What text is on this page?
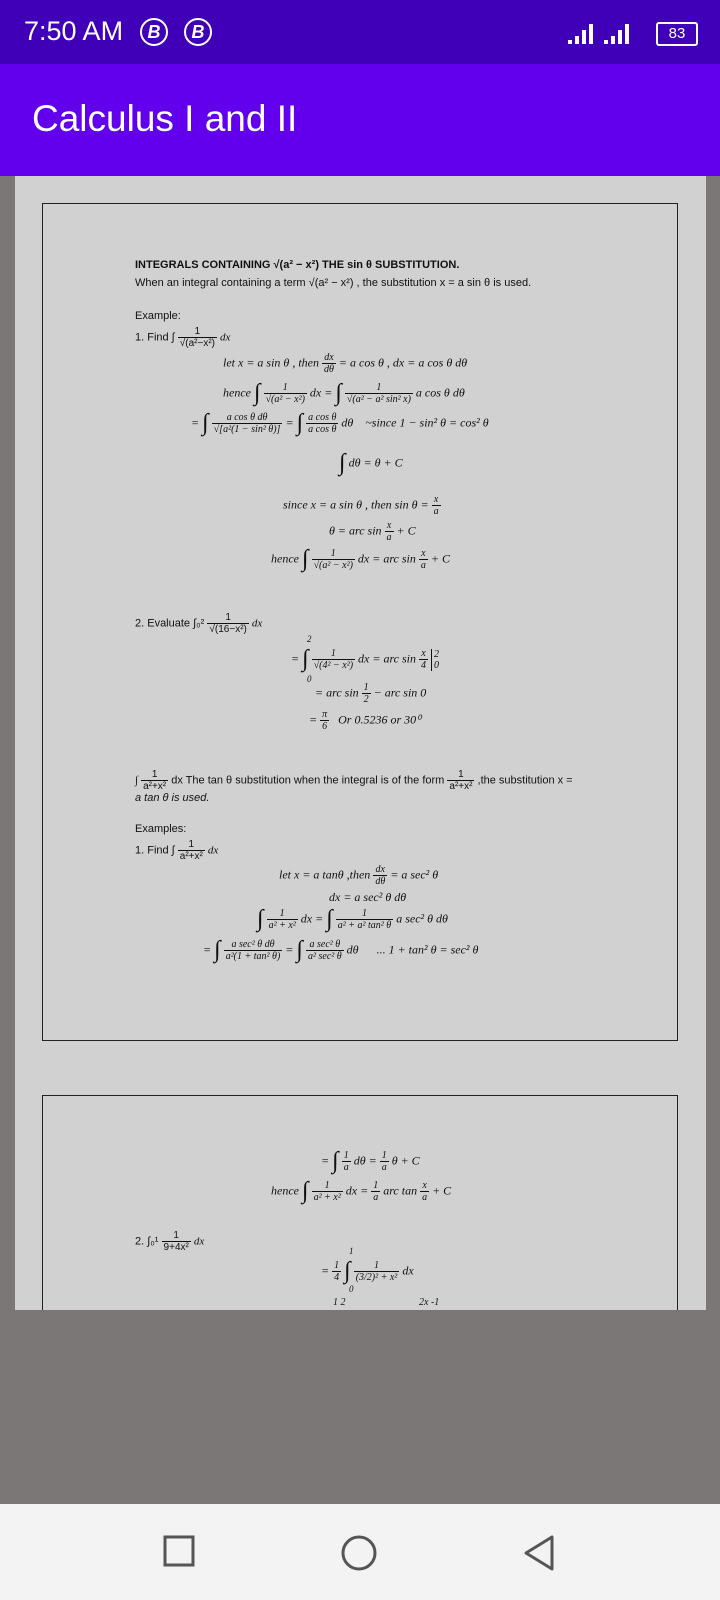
7:50 AM	B	B	83
Calculus I and II
INTEGRALS CONTAINING √(a² − x²) THE sin θ SUBSTITUTION.
When an integral containing a term √(a² − x²) , the substitution x = a sin θ is used.
Example:
1. Find ∫ $\frac{1}{\text{√(a²−x²)}}$ dx
let x = a sin θ , then $\frac{dx}{d\theta} = a$ cos θ , dx = a cos θ dθ
hence ∫ $\frac{1}{\text{√(a² − x²)}}$ dx = ∫ $\frac{1}{\text{√(a² − a² sin² x)}}$ a cos θ dθ
= ∫ $\frac{\text{a cos θ dθ}}{\text{√[a²(1 − sin² θ)]}}$ = ∫ $\frac{\text{a cos θ}}{\text{a cos θ}}$ dθ ~since 1 − sin² θ = cos² θ
∫ dθ = θ + C
since x = a sin θ , then $\sin \theta = \frac{x}{a}$
θ = arc $\sin \frac{x}{a} + C$
hence ∫ $\frac{1}{\text{√(a² − x²)}}$ dx = arc $\sin \frac{x}{a} + C$
2. Evaluate $\int_0^2 \frac{1}{\text{√(16−x²)}}$ dx
2
= ∫ $\frac{1}{\text{√(4² − x²)}}$ dx = arc $\sin \frac{x}{4}$
2
0
0
= arc $\sin \frac{1}{2}$ − arc sin 0
= $\frac{\pi}{6}$ Or 0.5236 or 30⁰
∫ $\frac{1}{\text{a²+x²}}$ dx The tan θ substitution when the integral is of the form $\frac{1}{\text{a²+x²}} ,the$ substitution x =
a tan θ is used.
Examples:
1. Find ∫ $\frac{1}{\text{a²+x²}}$ dx
let x = a tanθ ,then $\frac{dx}{d\theta} = a$ sec² θ
dx = a sec² θ dθ
∫ $\frac{1}{\text{a² + x²}}$ dx = ∫ $\frac{1}{\text{a² + a² tan² θ}}$ a sec² θ dθ
= ∫ $\frac{\text{a sec² θ dθ}}{\text{a²(1 + tan² θ)}}$ = ∫ $\frac{\text{a sec² θ}}{\text{a² sec² θ}}$ dθ ... 1 + tan² θ = sec² θ
= ∫ $\frac{1}{a}$ $d\theta = \frac{1}{a}$ θ + C
hence ∫ $\frac{1}{\text{a² + x²}}$ dx = $\frac{1}{a}$ arc $\tan \frac{x}{a} + C$
2. $\int_0^1 \frac{1}{\text{9+4x²}}$ dx
1
= $\frac{1}{4}$ ∫ $\frac{1}{\text{(3/2)² + x²}}$ dx
0
1 2	2x -1
